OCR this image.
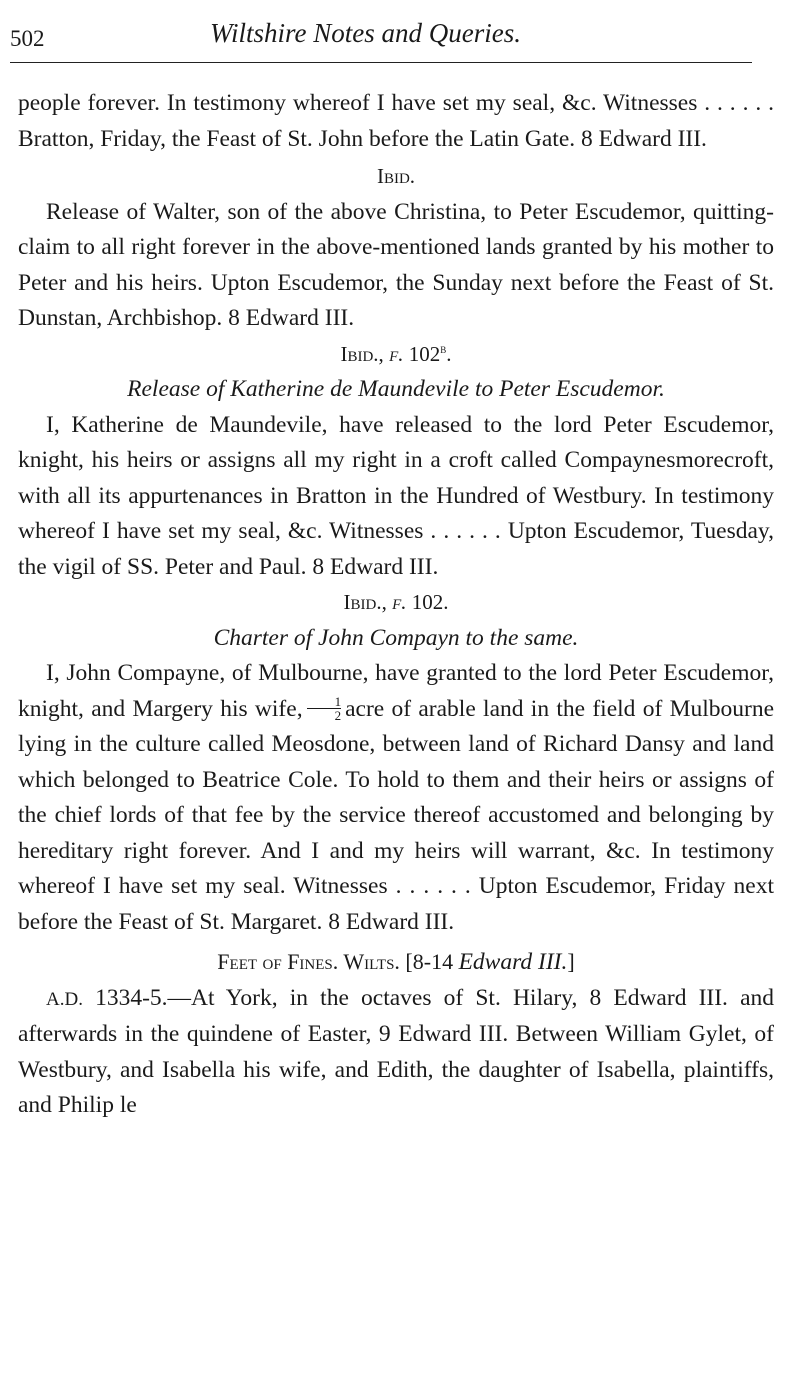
502	Wiltshire Notes and Queries.

people forever. In testimony whereof I have set my seal, &c. Witnesses . . . . . . Bratton, Friday, the Feast of St. John before the Latin Gate. 8 Edward III.

Ibid.

Release of Walter, son of the above Christina, to Peter Escudemor, quitting-claim to all right forever in the above-mentioned lands granted by his mother to Peter and his heirs. Upton Escudemor, the Sunday next before the Feast of St. Dunstan, Archbishop. 8 Edward III.

Ibid., f. 102$^b$.

Release of Katherine de Maundevile to Peter Escudemor.

I, Katherine de Maundevile, have released to the lord Peter Escudemor, knight, his heirs or assigns all my right in a croft called Compaynesmorecroft, with all its appurtenances in Bratton in the Hundred of Westbury. In testimony whereof I have set my seal, &c. Witnesses . . . . . . Upton Escudemor, Tuesday, the vigil of SS. Peter and Paul. 8 Edward III.

Ibid., f. 102.

Charter of John Compayn to the same.

I, John Compayne, of Mulbourne, have granted to the lord Peter Escudemor, knight, and Margery his wife, $\frac{1}{2}$ acre of arable land in the field of Mulbourne lying in the culture called Meosdone, between land of Richard Dansy and land which belonged to Beatrice Cole. To hold to them and their heirs or assigns of the chief lords of that fee by the service thereof accustomed and belonging by hereditary right forever. And I and my heirs will warrant, &c. In testimony whereof I have set my seal. Witnesses . . . . . . Upton Escudemor, Friday next before the Feast of St. Margaret. 8 Edward III.

Feet of Fines. Wilts. [8-14 Edward III.]

A.D. 1334-5.—At York, in the octaves of St. Hilary, 8 Edward III. and afterwards in the quindene of Easter, 9 Edward III. Between William Gylet, of Westbury, and Isabella his wife, and Edith, the daughter of Isabella, plaintiffs, and Philip le
